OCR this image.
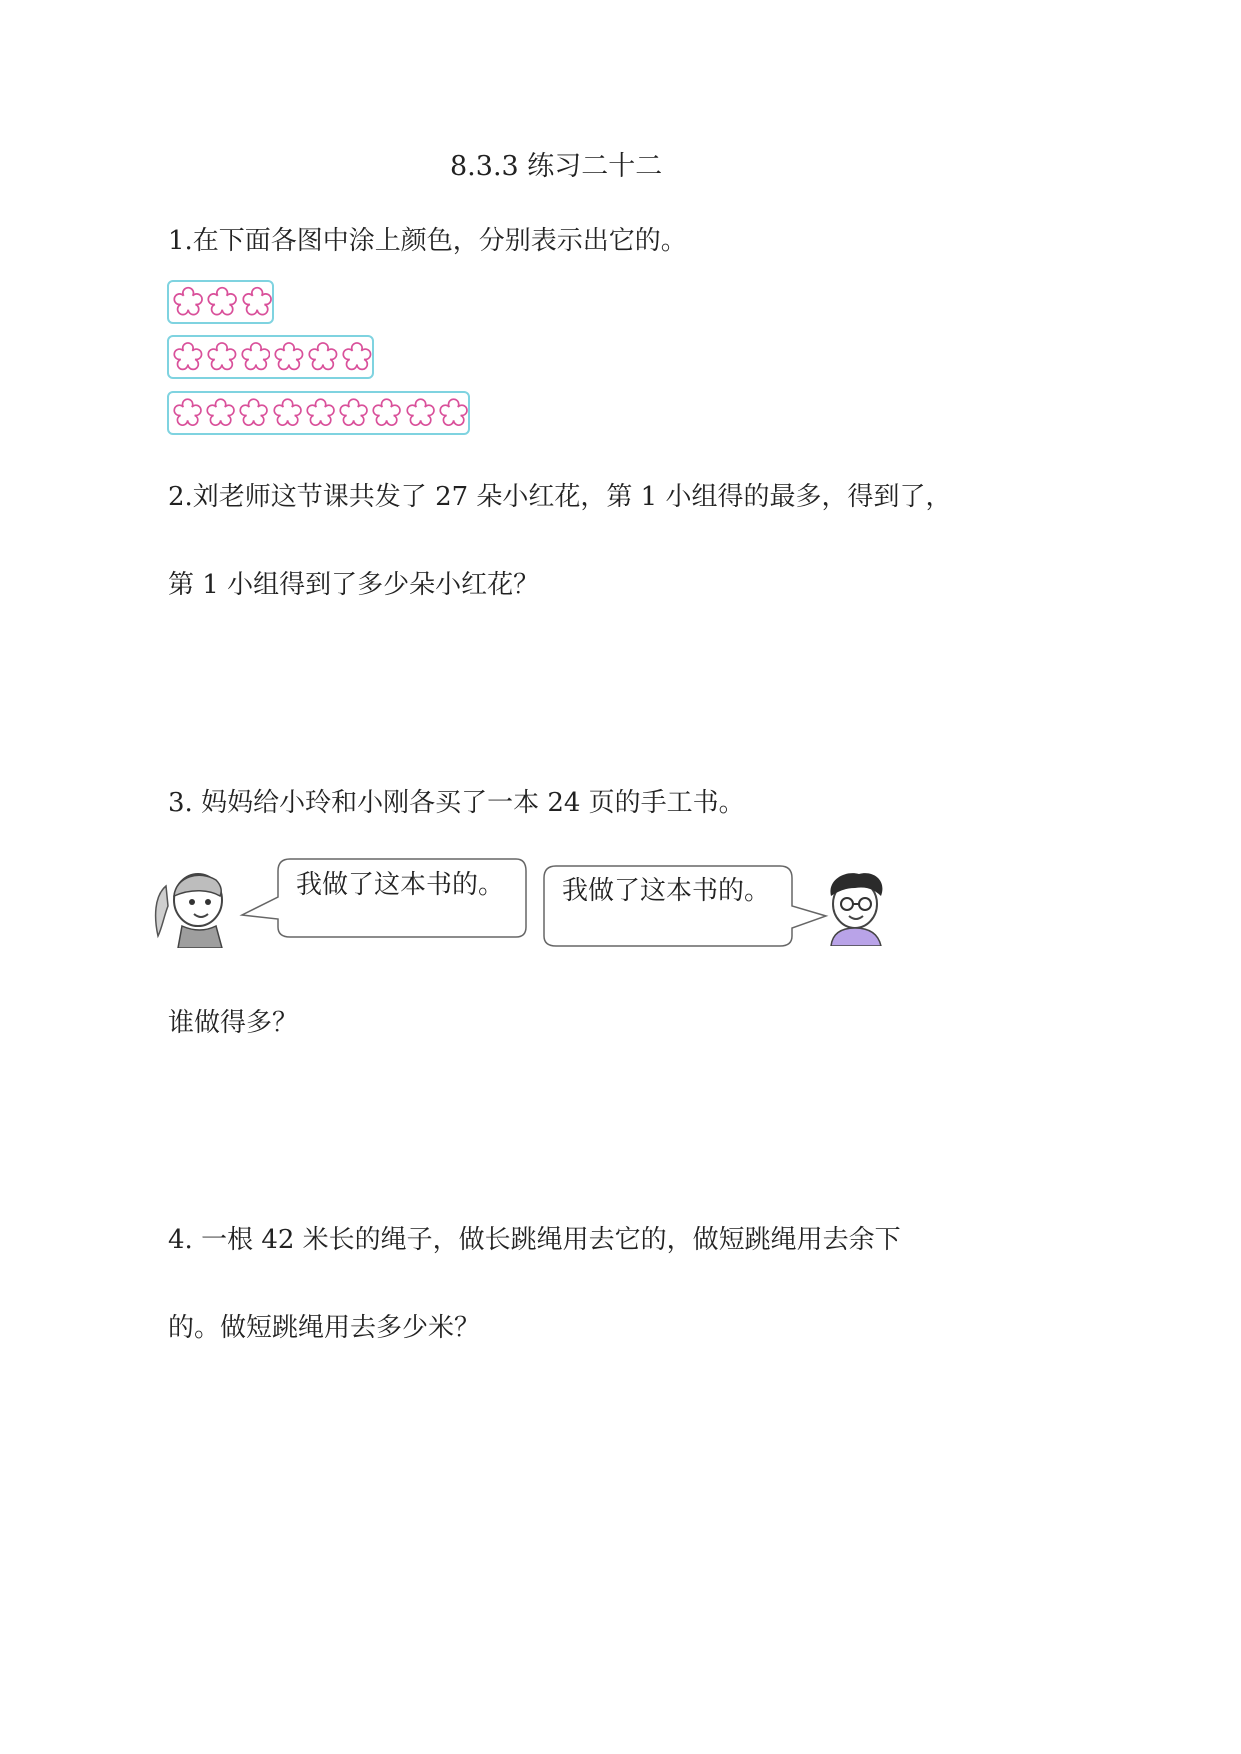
8.3.3 练习二十二
1.在下面各图中涂上颜色，分别表示出它的。
2.刘老师这节课共发了 27 朵小红花，第 1 小组得的最多，得到了，
第 1 小组得到了多少朵小红花？
3. 妈妈给小玲和小刚各买了一本 24 页的手工书。
我做了这本书的。 我做了这本书的。
谁做得多？
4. 一根 42 米长的绳子，做长跳绳用去它的，做短跳绳用去余下
的。做短跳绳用去多少米？
